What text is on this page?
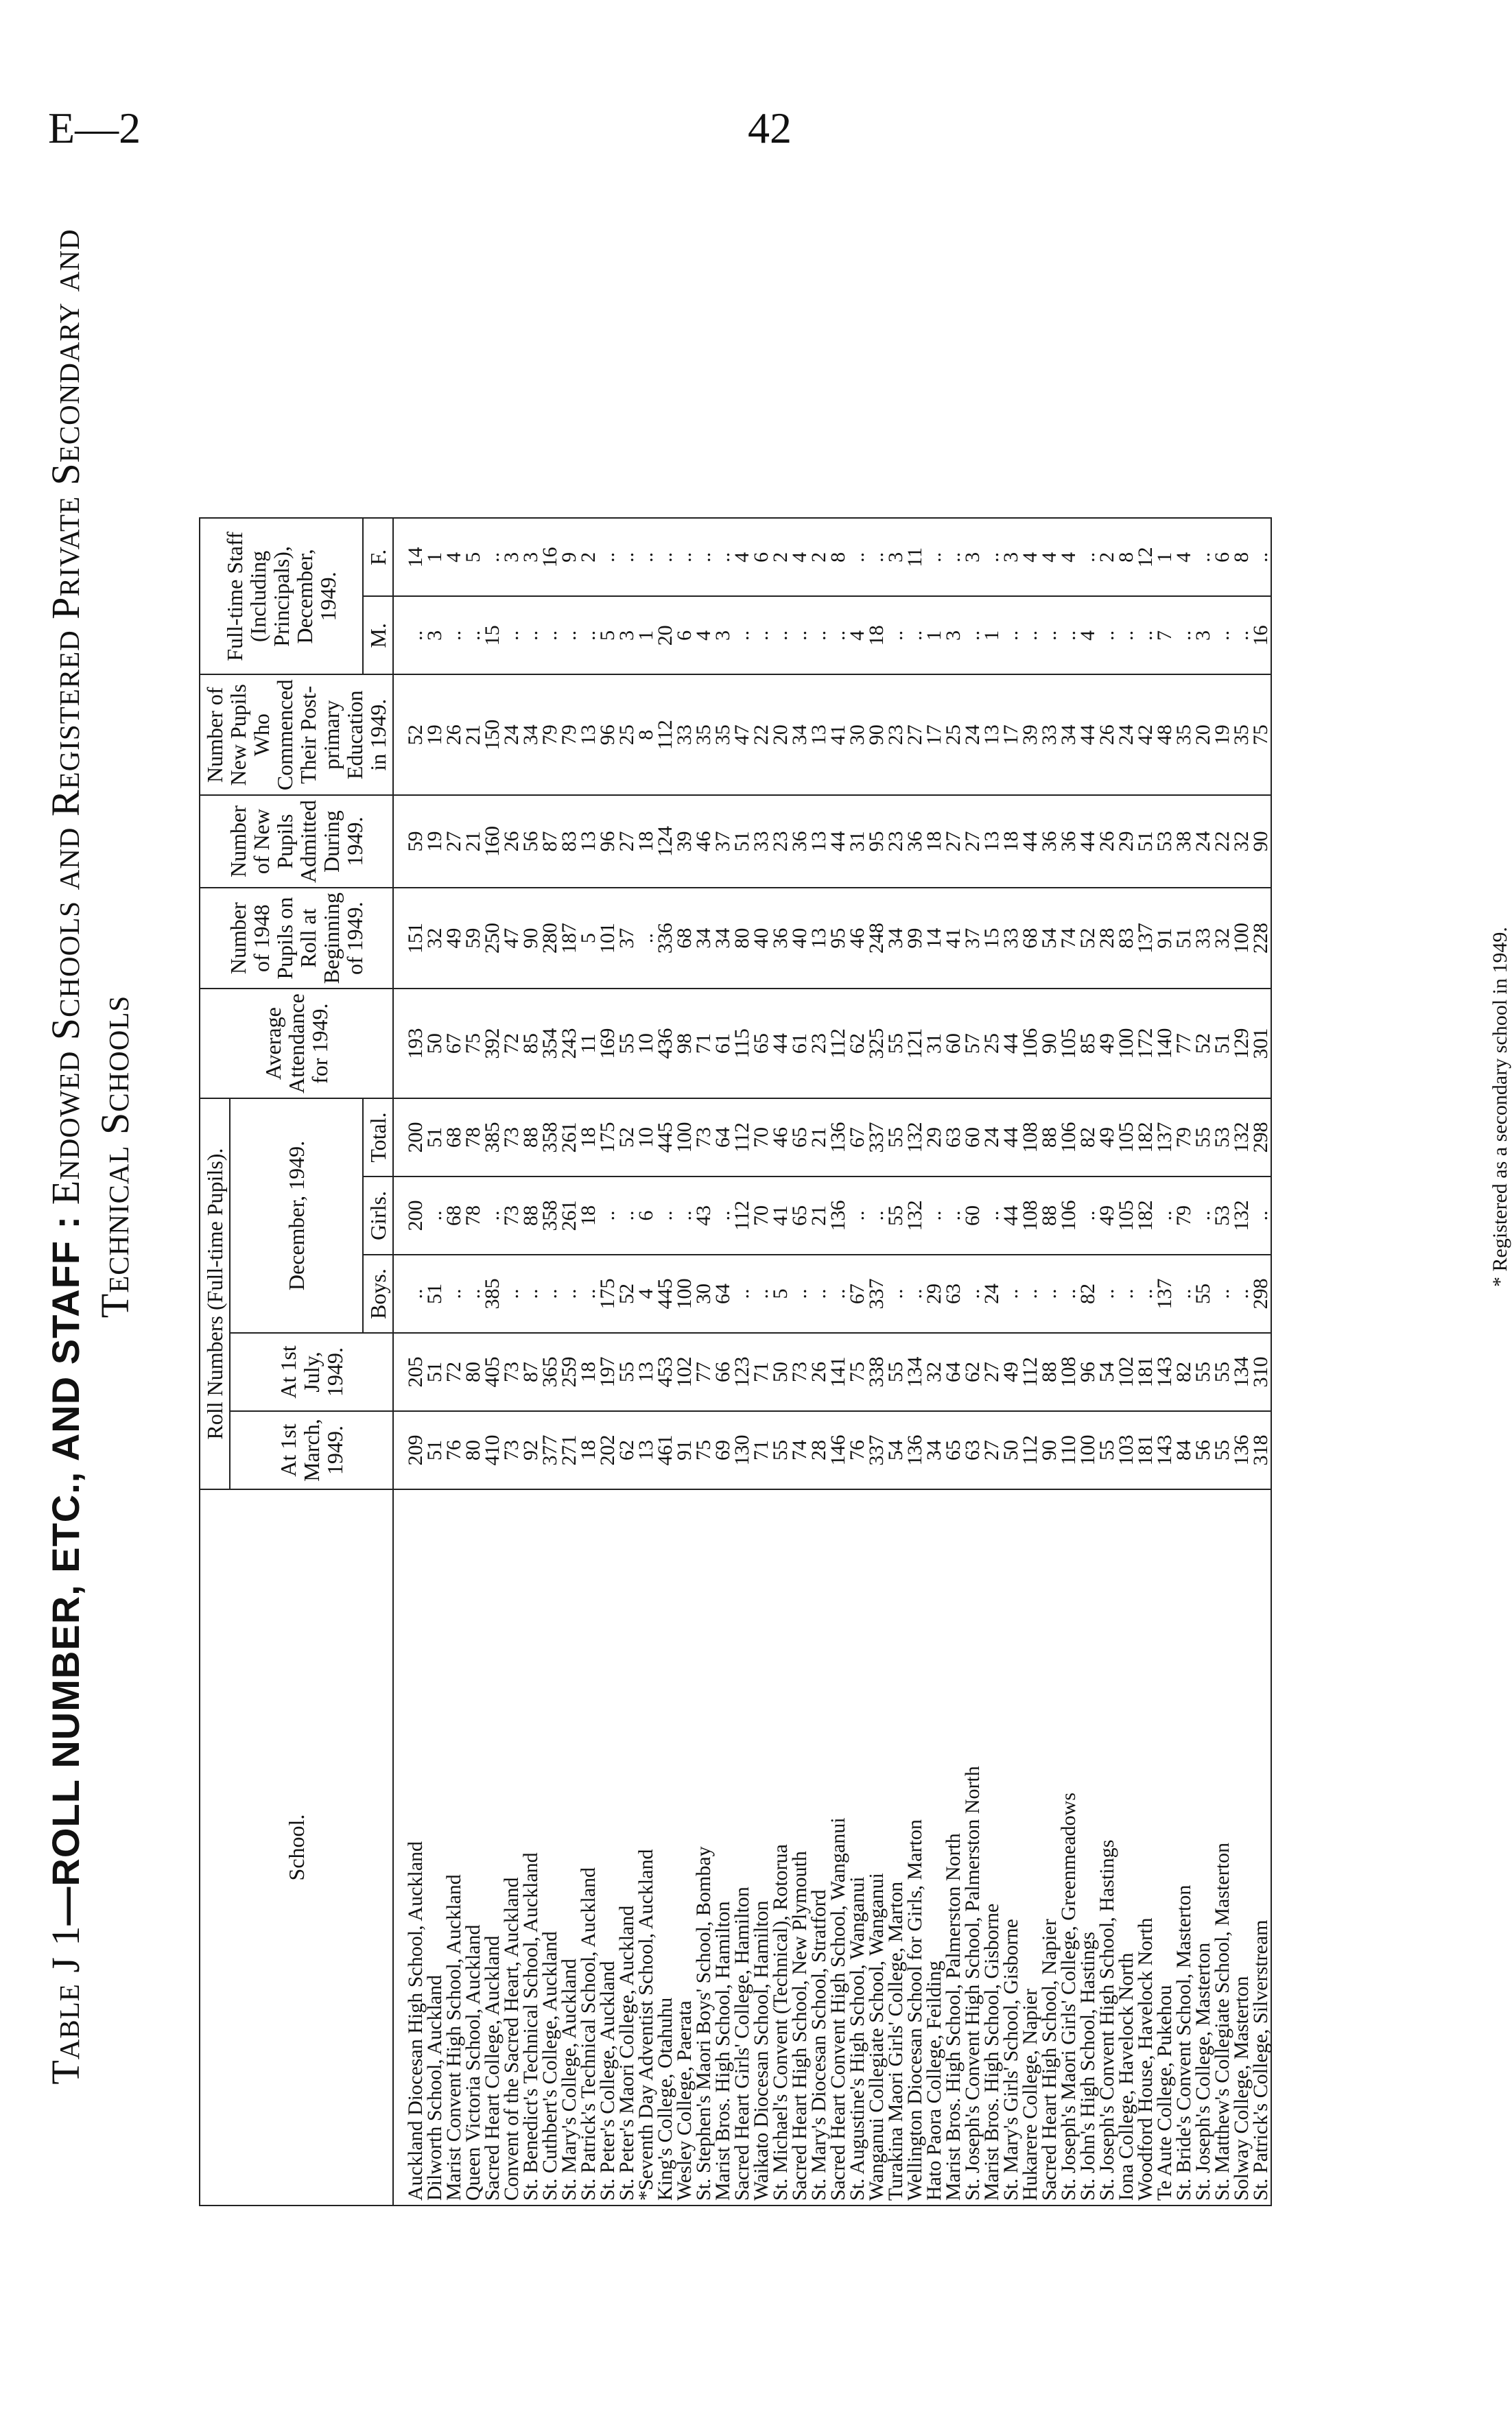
E—2	42
Table J 1—ROLL NUMBER, ETC., AND STAFF : Endowed Schools and Registered Private Secondary and Technical Schools
School.	Roll Numbers (Full-time Pupils).					Average Attendance for 1949.	Number of 1948 Pupils on Roll at Beginning of 1949.	Number of New Pupils Admitted During 1949.	Number of New Pupils Who Commenced Their Post-primary Education in 1949.	Full-time Staff (Including Principals), December, 1949.	
	At 1st March, 1949.	At 1st July, 1949.	December, 1949.								
			Boys.	Girls.	Total.					M.	F.
Auckland Diocesan High School, Auckland	209	205	..	200	200	193	151	59	52	..	14
Dilworth School, Auckland	51	51	51	..	51	50	32	19	19	3	1
Marist Convent High School, Auckland	76	72	..	68	68	67	49	27	26	..	4
Queen Victoria School, Auckland	80	80	..	78	78	75	59	21	21	..	5
Sacred Heart College, Auckland	410	405	385	..	385	392	250	160	150	15	..
Convent of the Sacred Heart, Auckland	73	73	..	73	73	72	47	26	24	..	3
St. Benedict's Technical School, Auckland	92	87	..	88	88	85	90	56	34	..	3
St. Cuthbert's College, Auckland	377	365	..	358	358	354	280	87	79	..	16
St. Mary's College, Auckland	271	259	..	261	261	243	187	83	79	..	9
St. Patrick's Technical School, Auckland	18	18	..	18	18	11	5	13	13	..	2
St. Peter's College, Auckland	202	197	175	..	175	169	101	96	96	5	..
St. Peter's Maori College, Auckland	62	55	52	..	52	55	37	27	25	3	..
*Seventh Day Adventist School, Auckland	13	13	4	6	10	10	..	18	8	1	..
King's College, Otahuhu	461	453	445	..	445	436	336	124	112	20	..
Wesley College, Paerata	91	102	100	..	100	98	68	39	33	6	..
St. Stephen's Maori Boys' School, Bombay	75	77	30	43	73	71	34	46	35	4	..
Marist Bros. High School, Hamilton	69	66	64	..	64	61	34	37	35	3	..
Sacred Heart Girls' College, Hamilton	130	123	..	112	112	115	80	51	47	..	4
Waikato Diocesan School, Hamilton	71	71	..	70	70	65	40	33	22	..	6
St. Michael's Convent (Technical), Rotorua	55	50	5	41	46	44	36	23	20	..	2
Sacred Heart High School, New Plymouth	74	73	..	65	65	61	40	36	34	..	4
St. Mary's Diocesan School, Stratford	28	26	..	21	21	23	13	13	13	..	2
Sacred Heart Convent High School, Wanganui	146	141	..	136	136	112	95	44	41	..	8
St. Augustine's High School, Wanganui	76	75	67	..	67	62	46	31	30	4	..
Wanganui Collegiate School, Wanganui	337	338	337	..	337	325	248	95	90	18	..
Turakina Maori Girls' College, Marton	54	55	..	55	55	55	34	23	23	..	3
Wellington Diocesan School for Girls, Marton	136	134	..	132	132	121	99	36	27	..	11
Hato Paora College, Feilding	34	32	29	..	29	31	14	18	17	1	..
Marist Bros. High School, Palmerston North	65	64	63	..	63	60	41	27	25	3	..
St. Joseph's Convent High School, Palmerston North	63	62	..	60	60	57	37	27	24	..	3
Marist Bros. High School, Gisborne	27	27	24	..	24	25	15	13	13	1	..
St. Mary's Girls' School, Gisborne	50	49	..	44	44	44	33	18	17	..	3
Hukarere College, Napier	112	112	..	108	108	106	68	44	39	..	4
Sacred Heart High School, Napier	90	88	..	88	88	90	54	36	33	..	4
St. Joseph's Maori Girls' College, Greenmeadows	110	108	..	106	106	105	74	36	34	..	4
St. John's High School, Hastings	100	96	82	..	82	85	52	44	44	4	..
St. Joseph's Convent High School, Hastings	55	54	..	49	49	49	28	26	26	..	2
Iona College, Havelock North	103	102	..	105	105	100	83	29	24	..	8
Woodford House, Havelock North	181	181	..	182	182	172	137	51	42	..	12
Te Aute College, Pukehou	143	143	137	..	137	140	91	53	48	7	1
St. Bride's Convent School, Masterton	84	82	..	79	79	77	51	38	35	..	4
St. Joseph's College, Masterton	56	55	55	..	55	52	33	24	20	3	..
St. Matthew's Collegiate School, Masterton	55	55	..	53	53	51	32	22	19	..	6
Solway College, Masterton	136	134	..	132	132	129	100	32	35	..	8
St. Patrick's College, Silverstream	318	310	298	..	298	301	228	90	75	16	..
* Registered as a secondary school in 1949.
